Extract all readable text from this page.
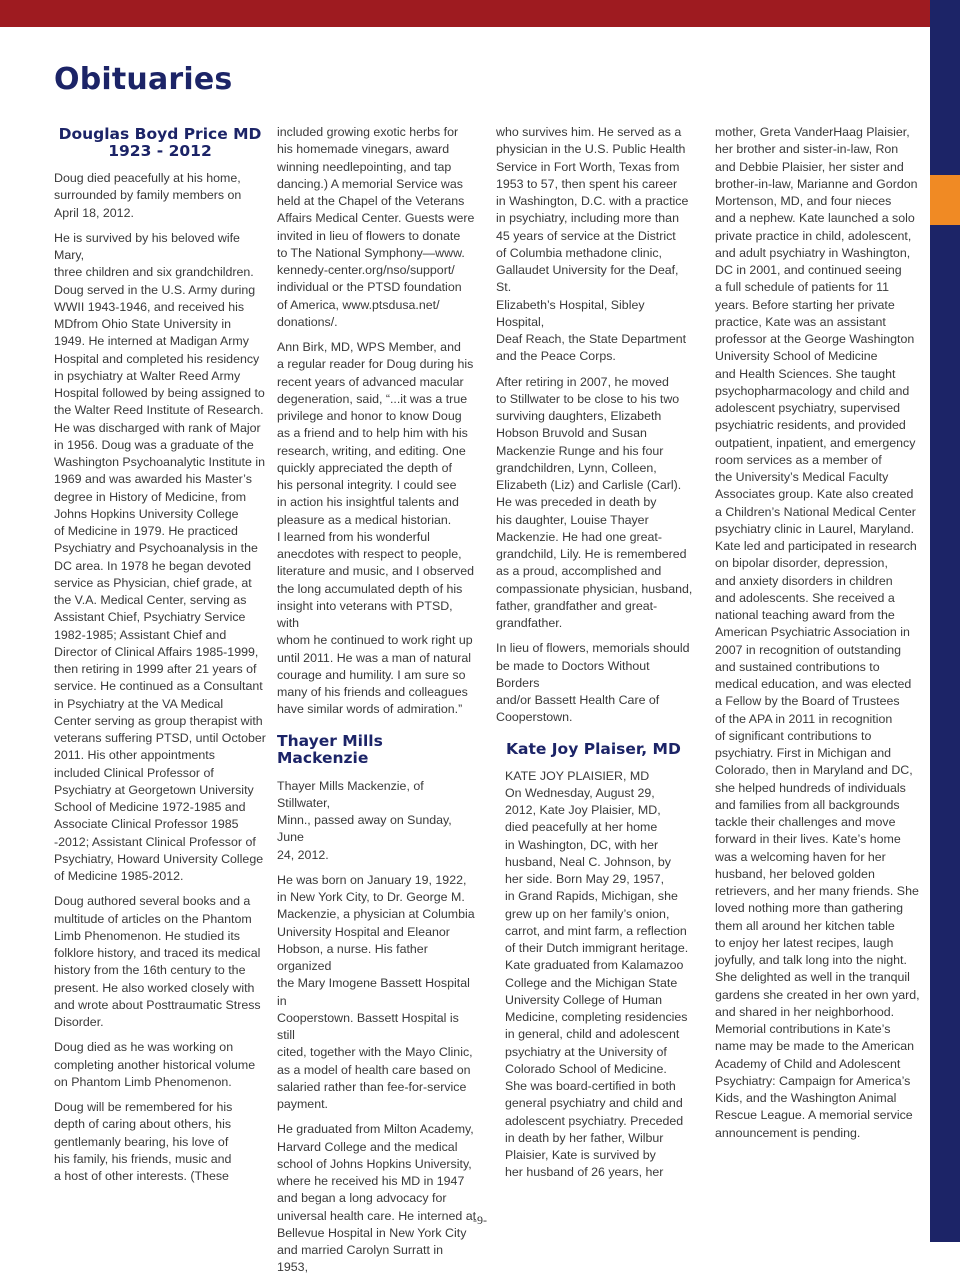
Obituaries
Douglas Boyd Price MD
1923 - 2012

Doug died peacefully at his home,
surrounded by family members on
April 18, 2012.

He is survived by his beloved wife Mary,
three children and six grandchildren.
Doug served in the U.S. Army during
WWII 1943-1946, and received his
MDfrom Ohio State University in
1949. He interned at Madigan Army
Hospital and completed his residency
in psychiatry at Walter Reed Army
Hospital followed by being assigned to
the Walter Reed Institute of Research.
He was discharged with rank of Major
in 1956. Doug was a graduate of the
Washington Psychoanalytic Institute in
1969 and was awarded his Master’s
degree in History of Medicine, from
Johns Hopkins University College
of Medicine in 1979. He practiced
Psychiatry and Psychoanalysis in the
DC area. In 1978 he began devoted
service as Physician, chief grade, at
the V.A. Medical Center, serving as
Assistant Chief, Psychiatry Service
1982-1985; Assistant Chief and
Director of Clinical Affairs 1985-1999,
then retiring in 1999 after 21 years of
service. He continued as a Consultant
in Psychiatry at the VA Medical
Center serving as group therapist with
veterans suffering PTSD, until October
2011. His other appointments
included Clinical Professor of
Psychiatry at Georgetown University
School of Medicine 1972-1985 and
Associate Clinical Professor 1985
-2012; Assistant Clinical Professor of
Psychiatry, Howard University College
of Medicine 1985-2012.

Doug authored several books and a
multitude of articles on the Phantom
Limb Phenomenon. He studied its
folklore history, and traced its medical
history from the 16th century to the
present. He also worked closely with
and wrote about Posttraumatic Stress
Disorder.

Doug died as he was working on
completing another historical volume
on Phantom Limb Phenomenon.

Doug will be remembered for his
depth of caring about others, his
gentlemanly bearing, his love of
his family, his friends, music and
a host of other interests. (These

included growing exotic herbs for
his homemade vinegars, award
winning needlepointing, and tap
dancing.) A memorial Service was
held at the Chapel of the Veterans
Affairs Medical Center. Guests were
invited in lieu of flowers to donate
to The National Symphony—www.
kennedy-center.org/nso/support/
individual or the PTSD foundation
of America, www.ptsdusa.net/
donations/.

Ann Birk, MD, WPS Member, and
a regular reader for Doug during his
recent years of advanced macular
degeneration, said, “...it was a true
privilege and honor to know Doug
as a friend and to help him with his
research, writing, and editing. One
quickly appreciated the depth of
his personal integrity. I could see
in action his insightful talents and
pleasure as a medical historian.
I learned from his wonderful
anecdotes with respect to people,
literature and music, and I observed
the long accumulated depth of his
insight into veterans with PTSD, with
whom he continued to work right up
until 2011. He was a man of natural
courage and humility. I am sure so
many of his friends and colleagues
have similar words of admiration.”

Thayer Mills Mackenzie

Thayer Mills Mackenzie, of Stillwater,
Minn., passed away on Sunday, June
24, 2012.

He was born on January 19, 1922,
in New York City, to Dr. George M.
Mackenzie, a physician at Columbia
University Hospital and Eleanor
Hobson, a nurse. His father organized
the Mary Imogene Bassett Hospital in
Cooperstown. Bassett Hospital is still
cited, together with the Mayo Clinic,
as a model of health care based on
salaried rather than fee-for-service
payment.

He graduated from Milton Academy,
Harvard College and the medical
school of Johns Hopkins University,
where he received his MD in 1947
and began a long advocacy for
universal health care. He interned at
Bellevue Hospital in New York City
and married Carolyn Surratt in 1953,

who survives him. He served as a
physician in the U.S. Public Health
Service in Fort Worth, Texas from
1953 to 57, then spent his career
in Washington, D.C. with a practice
in psychiatry, including more than
45 years of service at the District
of Columbia methadone clinic,
Gallaudet University for the Deaf, St.
Elizabeth’s Hospital, Sibley Hospital,
Deaf Reach, the State Department
and the Peace Corps.

After retiring in 2007, he moved
to Stillwater to be close to his two
surviving daughters, Elizabeth
Hobson Bruvold and Susan
Mackenzie Runge and his four
grandchildren, Lynn, Colleen,
Elizabeth (Liz) and Carlisle (Carl).
He was preceded in death by
his daughter, Louise Thayer
Mackenzie. He had one great-
grandchild, Lily. He is remembered
as a proud, accomplished and
compassionate physician, husband,
father, grandfather and great-
grandfather.

In lieu of flowers, memorials should
be made to Doctors Without Borders
and/or Bassett Health Care of
Cooperstown.

Kate Joy Plaiser, MD

KATE JOY PLAISIER, MD
On Wednesday, August 29,
2012, Kate Joy Plaisier, MD,
died peacefully at her home
in Washington, DC, with her
husband, Neal C. Johnson, by
her side. Born May 29, 1957,
in Grand Rapids, Michigan, she
grew up on her family’s onion,
carrot, and mint farm, a reflection
of their Dutch immigrant heritage.
Kate graduated from Kalamazoo
College and the Michigan State
University College of Human
Medicine, completing residencies
in general, child and adolescent
psychiatry at the University of
Colorado School of Medicine.
She was board-certified in both
general psychiatry and child and
adolescent psychiatry. Preceded
in death by her father, Wilbur
Plaisier, Kate is survived by
her husband of 26 years, her

mother, Greta VanderHaag Plaisier,
her brother and sister-in-law, Ron
and Debbie Plaisier, her sister and
brother-in-law, Marianne and Gordon
Mortenson, MD, and four nieces
and a nephew. Kate launched a solo
private practice in child, adolescent,
and adult psychiatry in Washington,
DC in 2001, and continued seeing
a full schedule of patients for 11
years. Before starting her private
practice, Kate was an assistant
professor at the George Washington
University School of Medicine
and Health Sciences. She taught
psychopharmacology and child and
adolescent psychiatry, supervised
psychiatric residents, and provided
outpatient, inpatient, and emergency
room services as a member of
the University’s Medical Faculty
Associates group. Kate also created
a Children’s National Medical Center
psychiatry clinic in Laurel, Maryland.
Kate led and participated in research
on bipolar disorder, depression,
and anxiety disorders in children
and adolescents. She received a
national teaching award from the
American Psychiatric Association in
2007 in recognition of outstanding
and sustained contributions to
medical education, and was elected
a Fellow by the Board of Trustees
of the APA in 2011 in recognition
of significant contributions to
psychiatry. First in Michigan and
Colorado, then in Maryland and DC,
she helped hundreds of individuals
and families from all backgrounds
tackle their challenges and move
forward in their lives. Kate’s home
was a welcoming haven for her
husband, her beloved golden
retrievers, and her many friends. She
loved nothing more than gathering
them all around her kitchen table
to enjoy her latest recipes, laugh
joyfully, and talk long into the night.
She delighted as well in the tranquil
gardens she created in her own yard,
and shared in her neighborhood.
Memorial contributions in Kate’s
name may be made to the American
Academy of Child and Adolescent
Psychiatry: Campaign for America’s
Kids, and the Washington Animal
Rescue League. A memorial service
announcement is pending.

-9-
